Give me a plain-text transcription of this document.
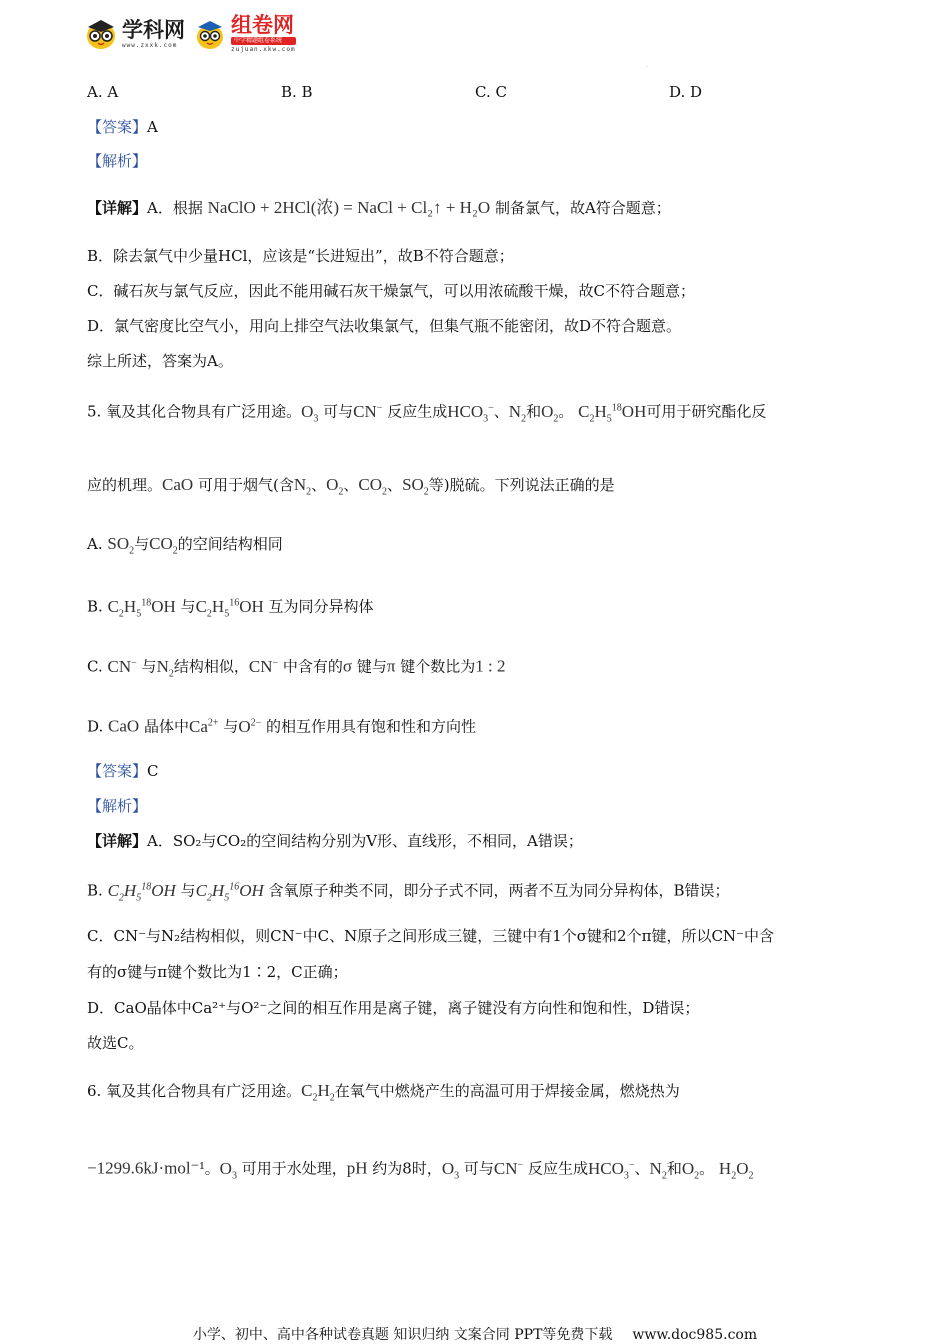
学科网
www.zxxk.com
组卷网
中学精题组卷系统
zujuan.xkw.com
.
A. A	B. B	C. C	D. D
【答案】A
【解析】
【详解】A．根据 NaClO + 2HCl(浓) = NaCl + Cl₂↑ + H₂O 制备氯气，故A符合题意；
B．除去氯气中少量HCl，应该是“长进短出”，故B不符合题意；
C．碱石灰与氯气反应，因此不能用碱石灰干燥氯气，可以用浓硫酸干燥，故C不符合题意；
D．氯气密度比空气小，用向上排空气法收集氯气，但集气瓶不能密闭，故D不符合题意。
综上所述，答案为A。
5. 氧及其化合物具有广泛用途。$O_3$ 可与CN− 反应生成$HCO_3^-$、$N_2$和$O_2$。 $C_2H_5^{18}OH$可用于研究酯化反
应的机理。CaO 可用于烟气(含$N_2$、$O_2$、$CO_2$、$SO_2$等)脱硫。下列说法正确的是
A. $SO_2$与$CO_2$的空间结构相同
B. $C_2H_5^{18}OH$ 与$C_2H_5^{16}OH$ 互为同分异构体
C. CN− 与$N_2$结构相似，CN− 中含有的σ 键与π 键个数比为1 : 2
D. CaO 晶体中$Ca^{2+}$ 与$O^{2-}$ 的相互作用具有饱和性和方向性
【答案】C
【解析】
【详解】A．SO₂与CO₂的空间结构分别为V形、直线形，不相同，A错误；
B. $C_2H_5^{18}OH$ 与$C_2H_5^{16}OH$ 含氧原子种类不同，即分子式不同，两者不互为同分异构体，B错误；
C．CN⁻与N₂结构相似，则CN⁻中C、N原子之间形成三键，三键中有1个σ键和2个π键，所以CN⁻中含
有的σ键与π键个数比为1∶2，C正确；
D．CaO晶体中Ca²⁺与O²⁻之间的相互作用是离子键，离子键没有方向性和饱和性，D错误；
故选C。
6. 氧及其化合物具有广泛用途。$C_2H_2$在氧气中燃烧产生的高温可用于焊接金属，燃烧热为
−1299.6kJ·mol⁻¹。$O_3$ 可用于水处理，pH 约为8时，$O_3$ 可与CN− 反应生成$HCO_3^-$、$N_2$和$O_2$。 $H_2O_2$
小学、初中、高中各种试卷真题 知识归纳 文案合同 PPT等免费下载 www.doc985.com
